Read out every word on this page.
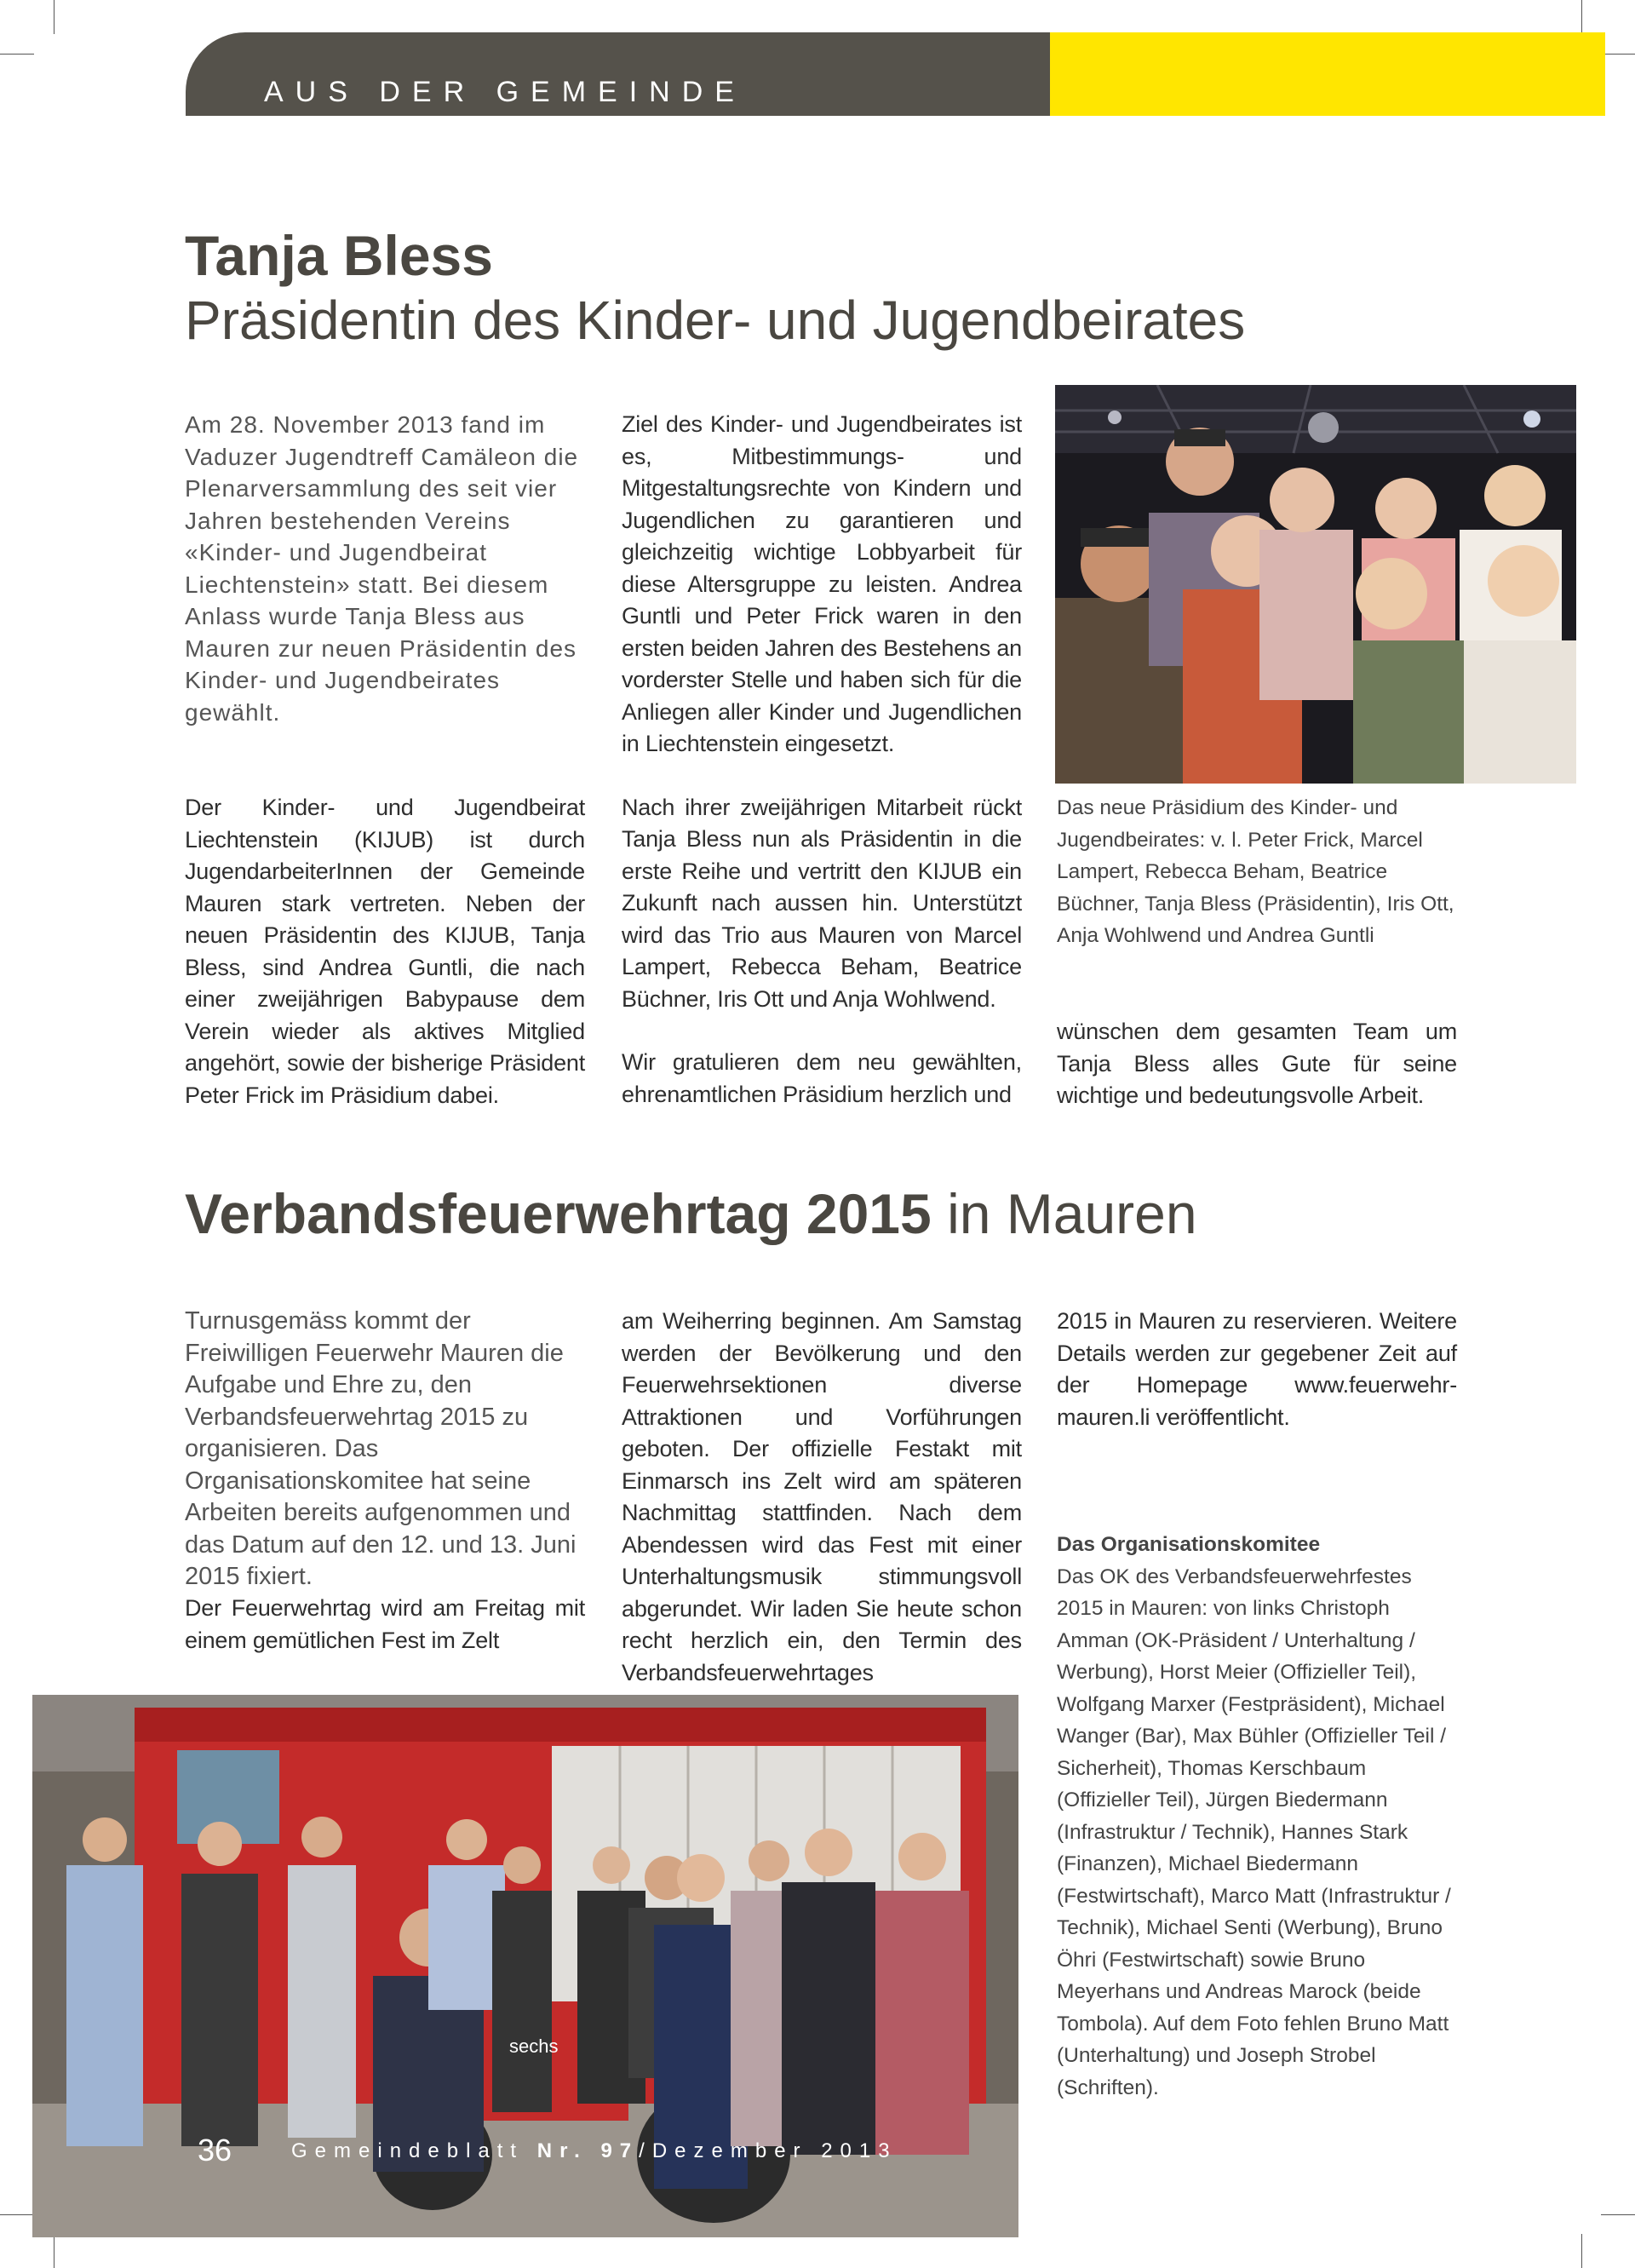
AUS DER GEMEINDE
Tanja Bless
Präsidentin des Kinder- und Jugendbeirates

Am 28. November 2013 fand im Vaduzer Jugendtreff Camäleon die Plenarversammlung des seit vier Jahren bestehenden Vereins «Kinder- und Jugendbeirat Liechtenstein» statt. Bei diesem Anlass wurde Tanja Bless aus Mauren zur neuen Präsidentin des Kinder- und Jugendbeirates gewählt.

Der Kinder- und Jugendbeirat Liechtenstein (KIJUB) ist durch JugendarbeiterInnen der Gemeinde Mauren stark vertreten. Neben der neuen Präsidentin des KIJUB, Tanja Bless, sind Andrea Guntli, die nach einer zweijährigen Babypause dem Verein wieder als aktives Mitglied angehört, sowie der bisherige Präsident Peter Frick im Präsidium dabei.

Ziel des Kinder- und Jugendbeirates ist es, Mitbestimmungs- und Mitgestaltungsrechte von Kindern und Jugendlichen zu garantieren und gleichzeitig wichtige Lobbyarbeit für diese Altersgruppe zu leisten. Andrea Guntli und Peter Frick waren in den ersten beiden Jahren des Bestehens an vorderster Stelle und haben sich für die Anliegen aller Kinder und Jugendlichen in Liechtenstein eingesetzt.

Nach ihrer zweijährigen Mitarbeit rückt Tanja Bless nun als Präsidentin in die erste Reihe und vertritt den KIJUB ein Zukunft nach aussen hin. Unterstützt wird das Trio aus Mauren von Marcel Lampert, Rebecca Beham, Beatrice Büchner, Iris Ott und Anja Wohlwend.

Wir gratulieren dem neu gewählten, ehrenamtlichen Präsidium herzlich und

Das neue Präsidium des Kinder- und Jugendbeirates: v. l. Peter Frick, Marcel Lampert, Rebecca Beham, Beatrice Büchner, Tanja Bless (Präsidentin), Iris Ott, Anja Wohlwend und Andrea Guntli

wünschen dem gesamten Team um Tanja Bless alles Gute für seine wichtige und bedeutungsvolle Arbeit.

Verbandsfeuerwehrtag 2015 in Mauren

Turnusgemäss kommt der Freiwilligen Feuerwehr Mauren die Aufgabe und Ehre zu, den Verbandsfeuerwehrtag 2015 zu organisieren. Das Organisationskomitee hat seine Arbeiten bereits aufgenommen und das Datum auf den 12. und 13. Juni 2015 fixiert.

Der Feuerwehrtag wird am Freitag mit einem gemütlichen Fest im Zelt

am Weiherring beginnen. Am Samstag werden der Bevölkerung und den Feuerwehrsektionen diverse Attraktionen und Vorführungen geboten. Der offizielle Festakt mit Einmarsch ins Zelt wird am späteren Nachmittag stattfinden. Nach dem Abendessen wird das Fest mit einer Unterhaltungsmusik stimmungsvoll abgerundet. Wir laden Sie heute schon recht herzlich ein, den Termin des Verbandsfeuerwehrtages

2015 in Mauren zu reservieren. Weitere Details werden zur gegebener Zeit auf der Homepage www.feuerwehr-mauren.li veröffentlicht.

Das Organisationskomitee

Das OK des Verbandsfeuerwehrfestes 2015 in Mauren: von links Christoph Amman (OK-Präsident / Unterhaltung / Werbung), Horst Meier (Offizieller Teil), Wolfgang Marxer (Festpräsident), Michael Wanger (Bar), Max Bühler (Offizieller Teil / Sicherheit), Thomas Kerschbaum (Offizieller Teil), Jürgen Biedermann (Infrastruktur / Technik), Hannes Stark (Finanzen), Michael Biedermann (Festwirtschaft), Marco Matt (Infrastruktur / Technik), Michael Senti (Werbung), Bruno Öhri (Festwirtschaft) sowie Bruno Meyerhans und Andreas Marock (beide Tombola). Auf dem Foto fehlen Bruno Matt (Unterhaltung) und Joseph Strobel (Schriften).

sechs
36	Gemeindeblatt Nr. 97/Dezember 2013
